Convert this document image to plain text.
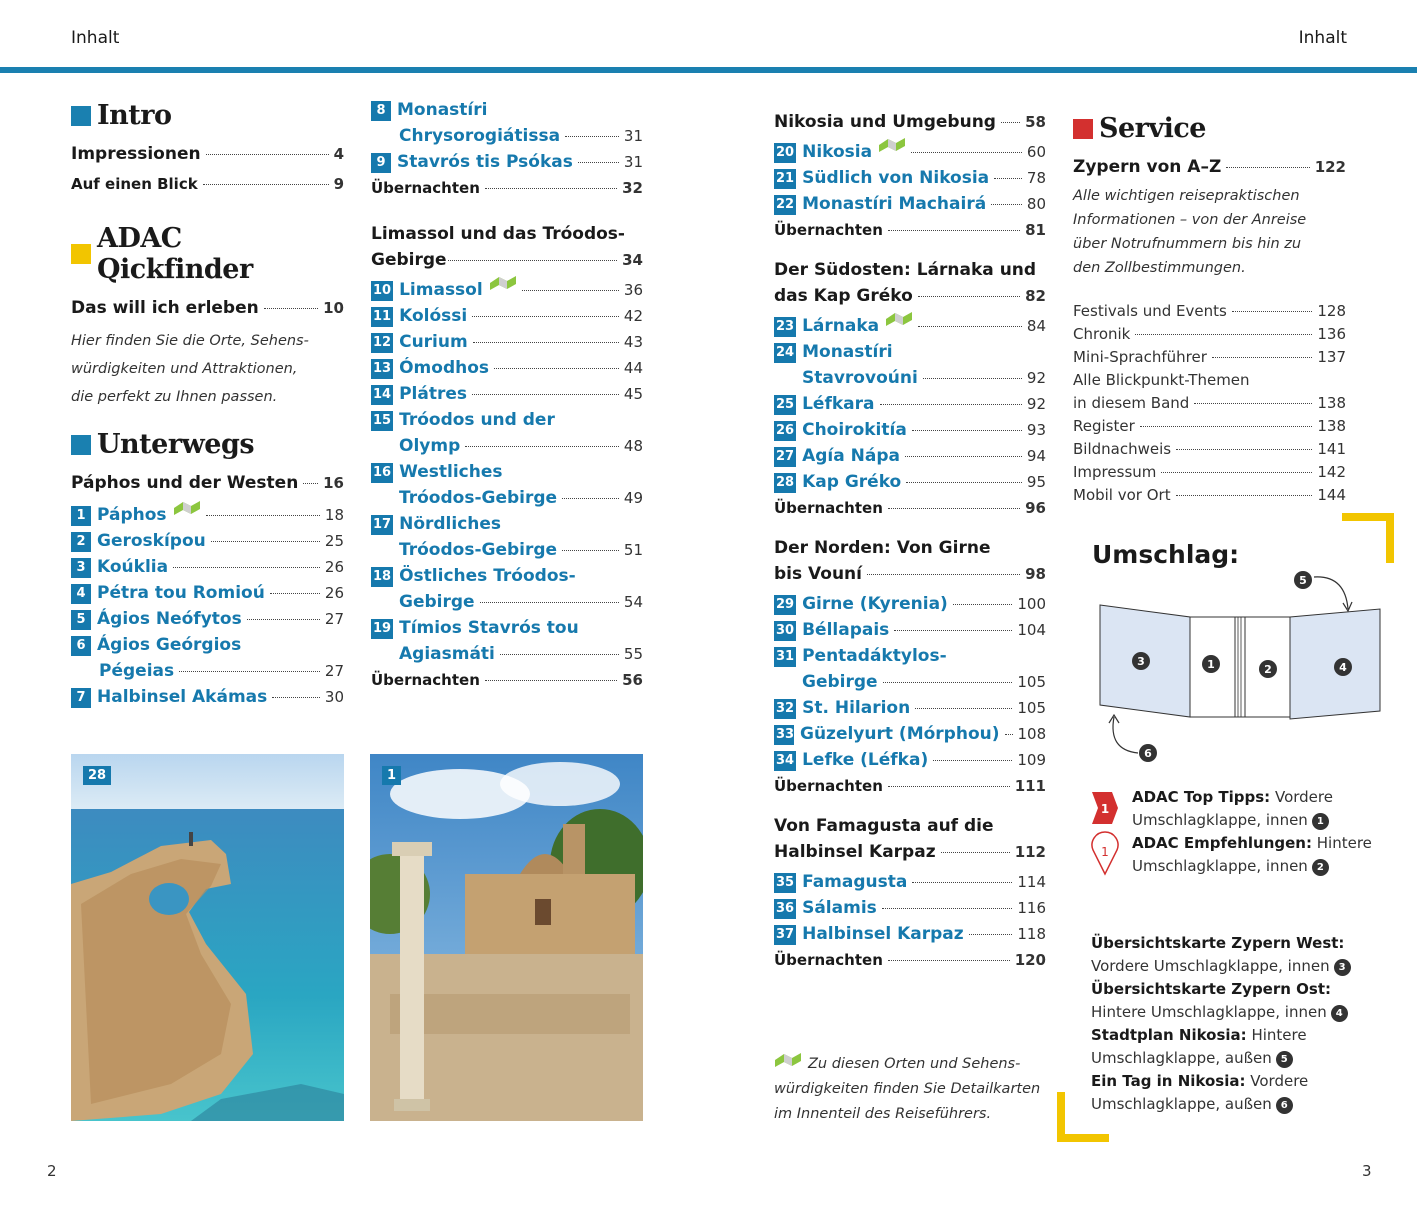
Inhalt	Inhalt
Intro
Impressionen	4
Auf einen Blick	9
ADAC Qickfinder
Das will ich erleben	10
Hier finden Sie die Orte, Sehens-
würdigkeiten und Attraktionen,
die perfekt zu Ihnen passen.
Unterwegs
Páphos und der Westen 16
1 Páphos	18
2 Geroskípou	25
3 Koúklia	26
4 Pétra tou Romioú	26
5 Ágios Neófytos	27
6 Ágios Geórgios
Pégeias	27
7 Halbinsel Akámas	30
28
8 Monastíri
Chrysorogiátissa	31
9 Stavrós tis Psókas	31
Übernachten	32
Limassol und das Tróodos-
Gebirge	34
10 Limassol	36
11 Kolóssi	42
12 Curium	43
13 Ómodhos	44
14 Plátres	45
15 Tróodos und der
Olymp	48
16 Westliches
Tróodos-Gebirge	49
17 Nördliches
Tróodos-Gebirge	51
18 Östliches Tróodos-
Gebirge	54
19 Tímios Stavrós tou
Agiasmáti	55
Übernachten	56
1
Nikosia und Umgebung 58
20 Nikosia	60
21 Südlich von Nikosia	78
22 Monastíri Machairá	80
Übernachten	81
Der Südosten: Lárnaka und
das Kap Gréko	82
23 Lárnaka	84
24 Monastíri
Stavrovoúni	92
25 Léfkara	92
26 Choirokitía	93
27 Agía Nápa	94
28 Kap Gréko	95
Übernachten	96
Der Norden: Von Girne
bis Vouní	98
29 Girne (Kyrenia)	100
30 Béllapais	104
31 Pentadáktylos-
Gebirge	105
32 St. Hilarion	105
33 Güzelyurt (Mórphou) 108
34 Lefke (Léfka)	109
Übernachten	111
Von Famagusta auf die
Halbinsel Karpaz	112
35 Famagusta	114
36 Sálamis	116
37 Halbinsel Karpaz	118
Übernachten	120
Zu diesen Orten und Sehens-
würdigkeiten finden Sie Detailkarten
im Innenteil des Reiseführers.
Service
Zypern von A–Z	122
Alle wichtigen reisepraktischen
Informationen – von der Anreise
über Notrufnummern bis hin zu
den Zollbestimmungen.
Festivals und Events	128
Chronik	136
Mini-Sprachführer	137
Alle Blickpunkt-Themen
in diesem Band	138
Register	138
Bildnachweis	141
Impressum	142
Mobil vor Ort	144
Umschlag:
3	1	2	4
5
6
1
1
ADAC Top Tipps: Vordere
Umschlagklappe, innen 1
ADAC Empfehlungen: Hintere
Umschlagklappe, innen 2
Übersichtskarte Zypern West:
Vordere Umschlagklappe, innen 3
Übersichtskarte Zypern Ost:
Hintere Umschlagklappe, innen 4
Stadtplan Nikosia: Hintere
Umschlagklappe, außen 5
Ein Tag in Nikosia: Vordere
Umschlagklappe, außen 6
2	3
